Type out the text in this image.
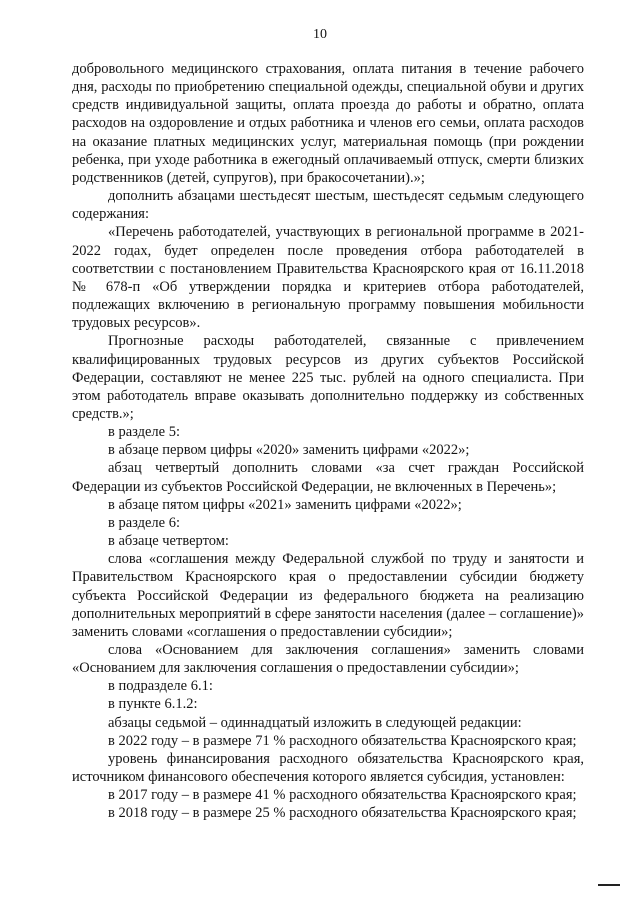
10

добровольного медицинского страхования, оплата питания в течение рабочего дня, расходы по приобретению специальной одежды, специальной обуви и других средств индивидуальной защиты, оплата проезда до работы и обратно, оплата расходов на оздоровление и отдых работника и членов его семьи, оплата расходов на оказание платных медицинских услуг, материальная помощь (при рождении ребенка, при уходе работника в ежегодный оплачиваемый отпуск, смерти близких родственников (детей, супругов), при бракосочетании).»;

дополнить абзацами шестьдесят шестым, шестьдесят седьмым следующего содержания:

«Перечень работодателей, участвующих в региональной программе в 2021-2022 годах, будет определен после проведения отбора работодателей в соответствии с постановлением Правительства Красноярского края от 16.11.2018 № 678-п «Об утверждении порядка и критериев отбора работодателей, подлежащих включению в региональную программу повышения мобильности трудовых ресурсов».

Прогнозные расходы работодателей, связанные с привлечением квалифицированных трудовых ресурсов из других субъектов Российской Федерации, составляют не менее 225 тыс. рублей на одного специалиста. При этом работодатель вправе оказывать дополнительно поддержку из собственных средств.»;

в разделе 5:

в абзаце первом цифры «2020» заменить цифрами «2022»;

абзац четвертый дополнить словами «за счет граждан Российской Федерации из субъектов Российской Федерации, не включенных в Перечень»;

в абзаце пятом цифры «2021» заменить цифрами «2022»;

в разделе 6:

в абзаце четвертом:

слова «соглашения между Федеральной службой по труду и занятости и Правительством Красноярского края о предоставлении субсидии бюджету субъекта Российской Федерации из федерального бюджета на реализацию дополнительных мероприятий в сфере занятости населения (далее – соглашение)» заменить словами «соглашения о предоставлении субсидии»;

слова «Основанием для заключения соглашения» заменить словами «Основанием для заключения соглашения о предоставлении субсидии»;

в подразделе 6.1:

в пункте 6.1.2:

абзацы седьмой – одиннадцатый изложить в следующей редакции:

в 2022 году – в размере 71 % расходного обязательства Красноярского края;

уровень финансирования расходного обязательства Красноярского края, источником финансового обеспечения которого является субсидия, установлен:

в 2017 году – в размере 41 % расходного обязательства Красноярского края;

в 2018 году – в размере 25 % расходного обязательства Красноярского края;
